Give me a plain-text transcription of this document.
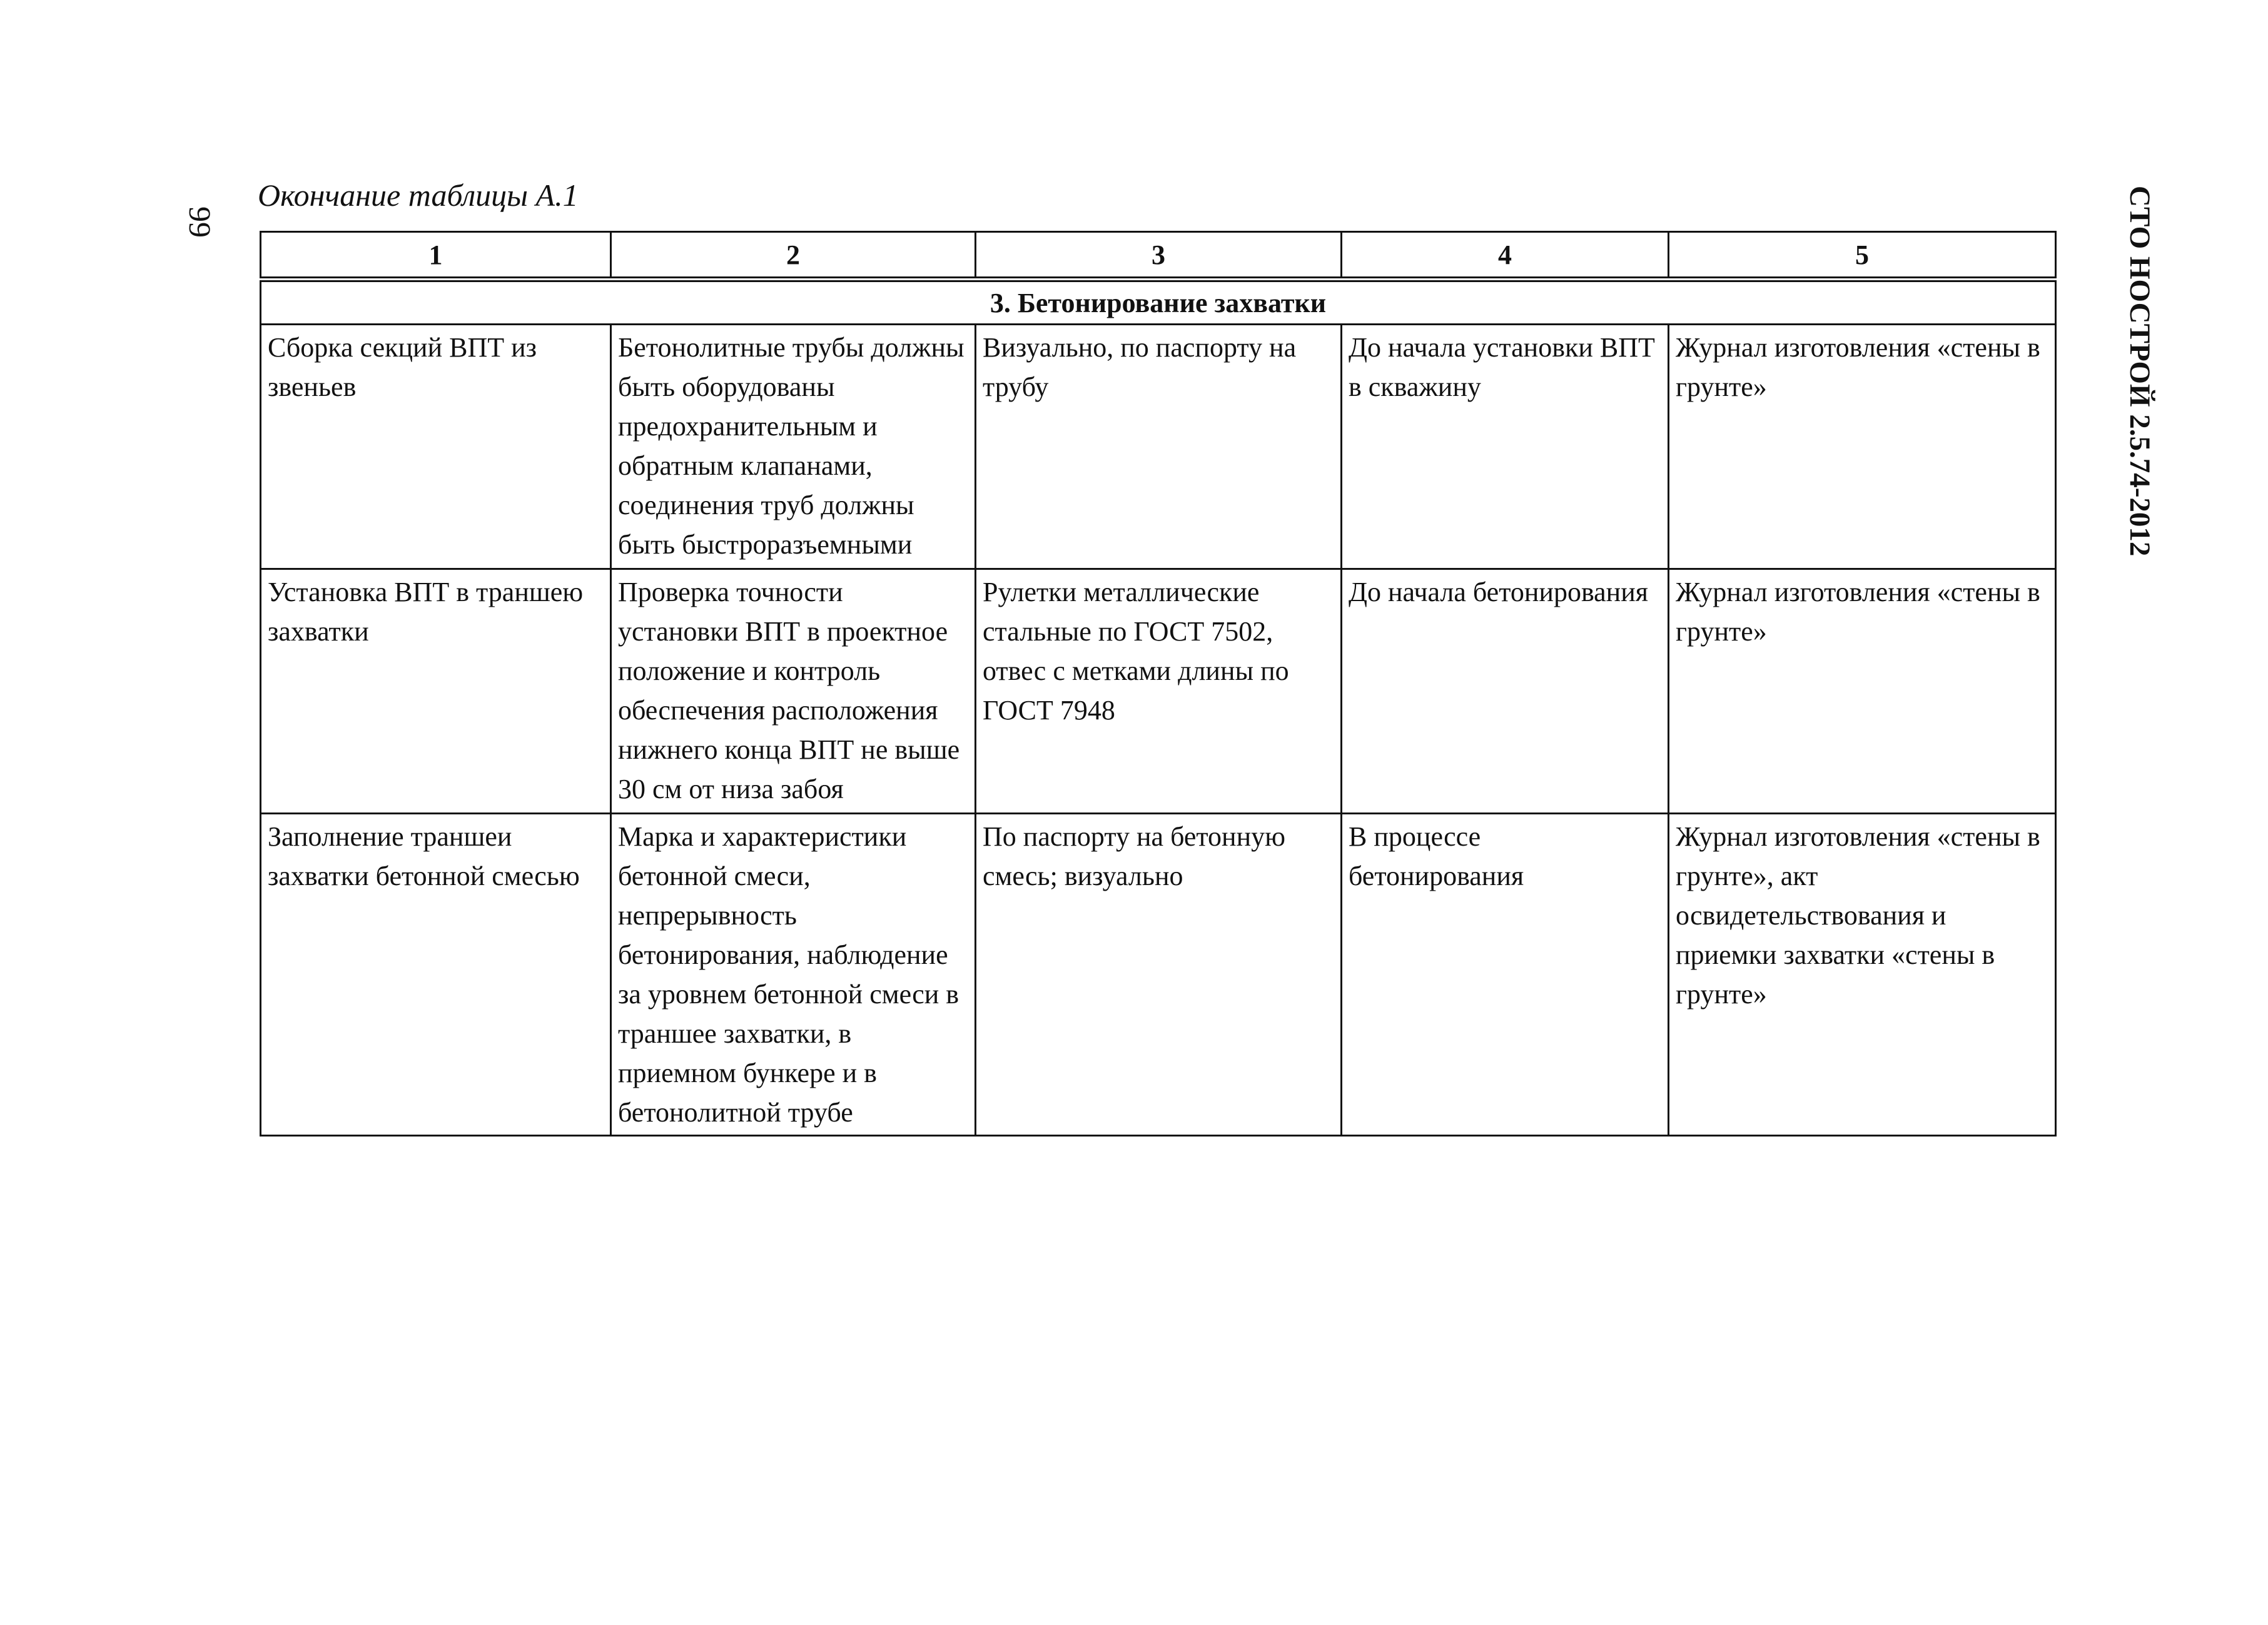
99
Окончание таблицы А.1	СТО НОСТРОЙ 2.5.74-2012
1	2	3	4	5
3. Бетонирование захватки				

Сборка секций ВПТ из звеньев	Бетонолитные трубы должны быть оборудованы предохранительным и обратным клапанами, соединения труб должны быть быстроразъемными	Визуально, по паспорту на трубу	До начала установки ВПТ в скважину	Журнал изготовления «стены в грунте»

Установка ВПТ в траншею захватки	Проверка точности установки ВПТ в проектное положение и контроль обеспечения расположения нижнего конца ВПТ не выше 30 см от низа забоя	Рулетки металлические стальные по ГОСТ 7502, отвес с метками длины по ГОСТ 7948	До начала бетонирования	Журнал изготовления «стены в грунте»

Заполнение траншеи захватки бетонной смесью	Марка и характеристики бетонной смеси, непрерывность бетонирования, наблюдение за уровнем бетонной смеси в траншее захватки, в приемном бункере и в бетонолитной трубе	По паспорту на бетонную смесь; визуально	В процессе бетонирования	Журнал изготовления «стены в грунте», акт освидетельствования и приемки захватки «стены в грунте»
